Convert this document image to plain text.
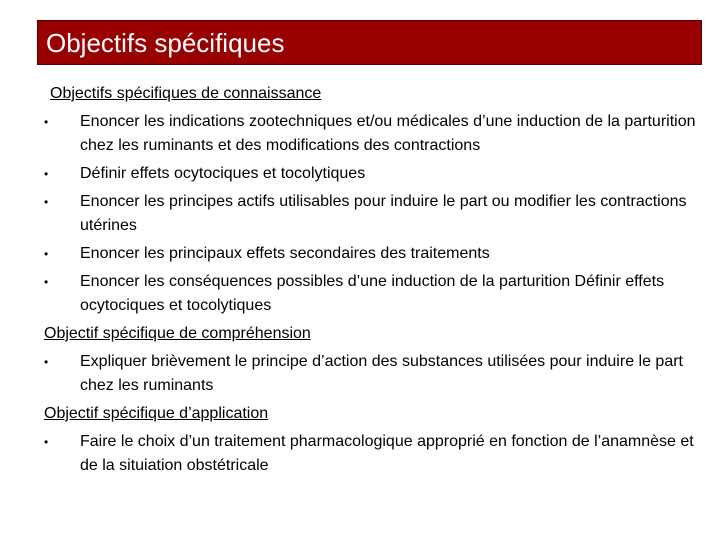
Objectifs spécifiques
Objectifs spécifiques de connaissance
• Enoncer les indications zootechniques et/ou médicales d’une induction de la parturition chez les ruminants et des modifications des contractions
• Définir effets ocytociques et tocolytiques
• Enoncer les principes actifs utilisables pour induire le part ou modifier les contractions utérines
• Enoncer les principaux effets secondaires des traitements
• Enoncer les conséquences possibles d’une induction de la parturition Définir effets ocytociques et tocolytiques
Objectif spécifique de compréhension
• Expliquer brièvement le principe d’action des substances utilisées pour induire le part chez les ruminants
Objectif spécifique d’application
• Faire le choix d’un traitement pharmacologique approprié en fonction de l’anamnèse et de la situiation obstétricale
